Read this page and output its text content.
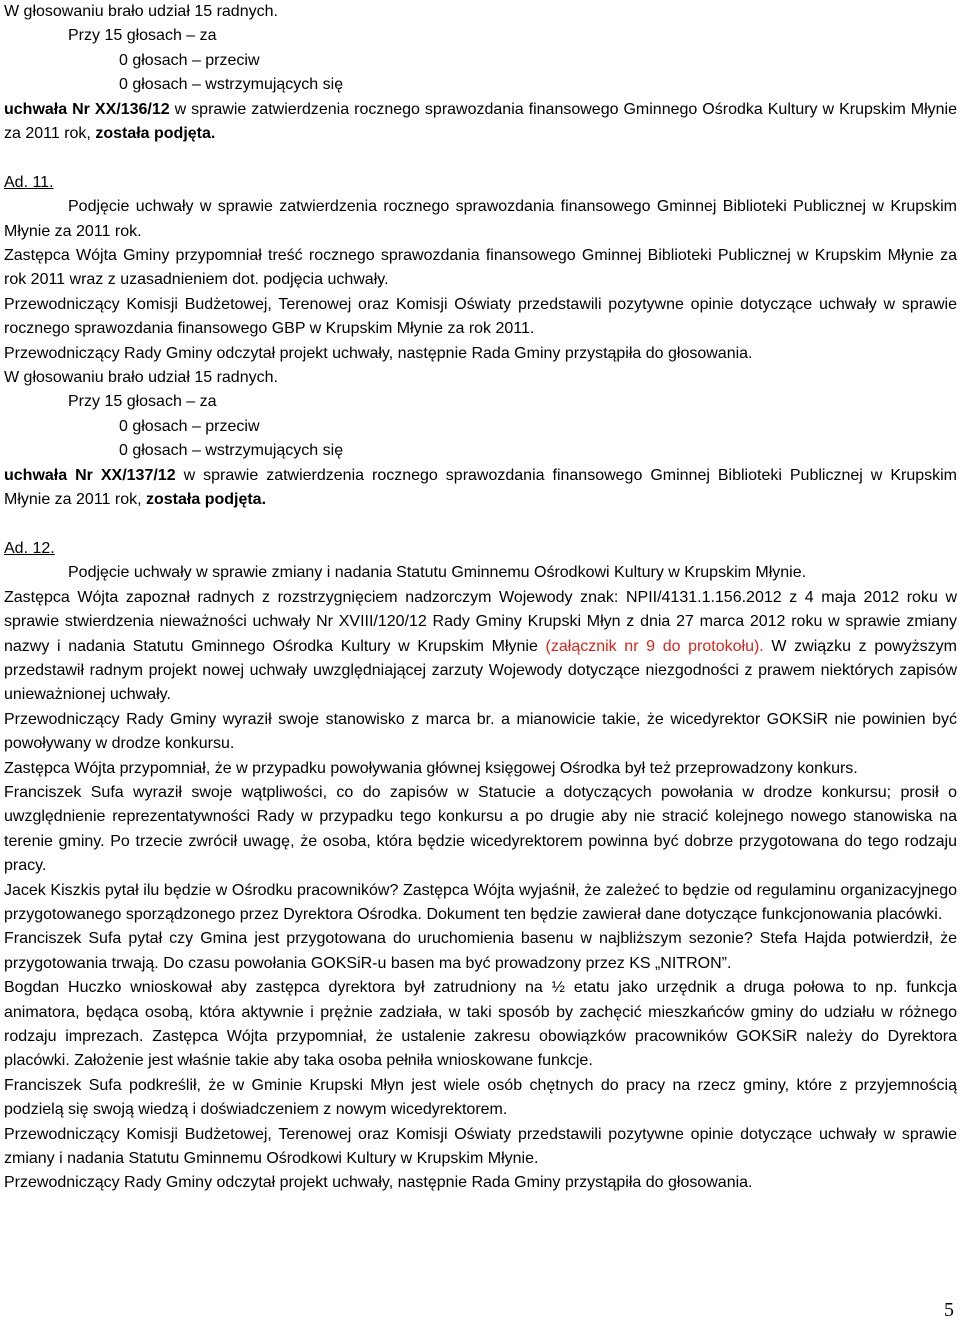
W głosowaniu brało udział 15 radnych.

Przy 15 głosach – za

0 głosach – przeciw

0 głosach – wstrzymujących się

uchwała Nr XX/136/12 w sprawie zatwierdzenia rocznego sprawozdania finansowego Gminnego Ośrodka Kultury w Krupskim Młynie za 2011 rok, została podjęta.

Ad. 11.

Podjęcie uchwały w sprawie zatwierdzenia rocznego sprawozdania finansowego Gminnej Biblioteki Publicznej w Krupskim Młynie za 2011 rok.

Zastępca Wójta Gminy przypomniał treść rocznego sprawozdania finansowego Gminnej Biblioteki Publicznej w Krupskim Młynie za rok 2011 wraz z uzasadnieniem dot. podjęcia uchwały.

Przewodniczący Komisji Budżetowej, Terenowej oraz Komisji Oświaty przedstawili pozytywne opinie dotyczące uchwały w sprawie rocznego sprawozdania finansowego GBP w Krupskim Młynie za rok 2011.

Przewodniczący Rady Gminy odczytał projekt uchwały, następnie Rada Gminy przystąpiła do głosowania.

W głosowaniu brało udział 15 radnych.

Przy 15 głosach – za

0 głosach – przeciw

0 głosach – wstrzymujących się

uchwała Nr XX/137/12 w sprawie zatwierdzenia rocznego sprawozdania finansowego Gminnej Biblioteki Publicznej w Krupskim Młynie za 2011 rok, została podjęta.

Ad. 12.

Podjęcie uchwały w sprawie zmiany i nadania Statutu Gminnemu Ośrodkowi Kultury w Krupskim Młynie.

Zastępca Wójta zapoznał radnych z rozstrzygnięciem nadzorczym Wojewody znak: NPII/4131.1.156.2012 z 4 maja 2012 roku w sprawie stwierdzenia nieważności uchwały Nr XVIII/120/12 Rady Gminy Krupski Młyn z dnia 27 marca 2012 roku w sprawie zmiany nazwy i nadania Statutu Gminnego Ośrodka Kultury w Krupskim Młynie (załącznik nr 9 do protokołu). W związku z powyższym przedstawił radnym projekt nowej uchwały uwzględniającej zarzuty Wojewody dotyczące niezgodności z prawem niektórych zapisów unieważnionej uchwały.

Przewodniczący Rady Gminy wyraził swoje stanowisko z marca br. a mianowicie takie, że wicedyrektor GOKSiR nie powinien być powoływany w drodze konkursu.

Zastępca Wójta przypomniał, że w przypadku powoływania głównej księgowej Ośrodka był też przeprowadzony konkurs.

Franciszek Sufa wyraził swoje wątpliwości, co do zapisów w Statucie a dotyczących powołania w drodze konkursu; prosił o uwzględnienie reprezentatywności Rady w przypadku tego konkursu a po drugie aby nie stracić kolejnego nowego stanowiska na terenie gminy. Po trzecie zwrócił uwagę, że osoba, która będzie wicedyrektorem powinna być dobrze przygotowana do tego rodzaju pracy.

Jacek Kiszkis pytał ilu będzie w Ośrodku pracowników? Zastępca Wójta wyjaśnił, że zależeć to będzie od regulaminu organizacyjnego przygotowanego sporządzonego przez Dyrektora Ośrodka. Dokument ten będzie zawierał dane dotyczące funkcjonowania placówki.

Franciszek Sufa pytał czy Gmina jest przygotowana do uruchomienia basenu w najbliższym sezonie? Stefa Hajda potwierdził, że przygotowania trwają. Do czasu powołania GOKSiR-u basen ma być prowadzony przez KS „NITRON”.

Bogdan Huczko wnioskował aby zastępca dyrektora był zatrudniony na ½ etatu jako urzędnik a druga połowa to np. funkcja animatora, będąca osobą, która aktywnie i prężnie zadziała, w taki sposób by zachęcić mieszkańców gminy do udziału w różnego rodzaju imprezach. Zastępca Wójta przypomniał, że ustalenie zakresu obowiązków pracowników GOKSiR należy do Dyrektora placówki. Założenie jest właśnie takie aby taka osoba pełniła wnioskowane funkcje.

Franciszek Sufa podkreślił, że w Gminie Krupski Młyn jest wiele osób chętnych do pracy na rzecz gminy, które z przyjemnością podzielą się swoją wiedzą i doświadczeniem z nowym wicedyrektorem.

Przewodniczący Komisji Budżetowej, Terenowej oraz Komisji Oświaty przedstawili pozytywne opinie dotyczące uchwały w sprawie zmiany i nadania Statutu Gminnemu Ośrodkowi Kultury w Krupskim Młynie.

Przewodniczący Rady Gminy odczytał projekt uchwały, następnie Rada Gminy przystąpiła do głosowania.

5
